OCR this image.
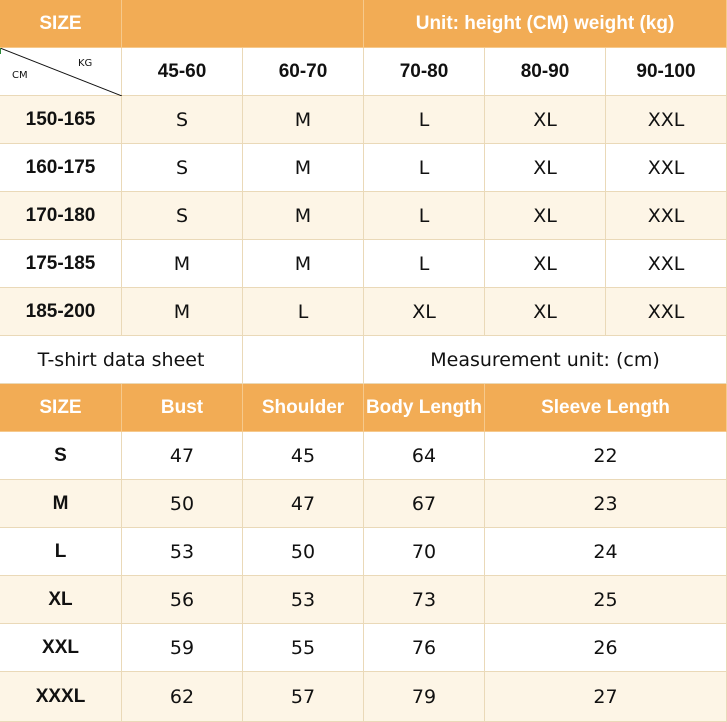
SIZE	Unit: height (CM) weight (kg)
KG
CM	45-60	60-70	70-80	80-90	90-100
150-165	S	M	L	XL	XXL
160-175	S	M	L	XL	XXL
170-180	S	M	L	XL	XXL
175-185	M	M	L	XL	XXL
185-200	M	L	XL	XL	XXL
T-shirt data sheet	Measurement unit: (cm)
SIZE	Bust	Shoulder	Body Length	Sleeve Length
S	47	45	64	22
M	50	47	67	23
L	53	50	70	24
XL	56	53	73	25
XXL	59	55	76	26
XXXL	62	57	79	27
